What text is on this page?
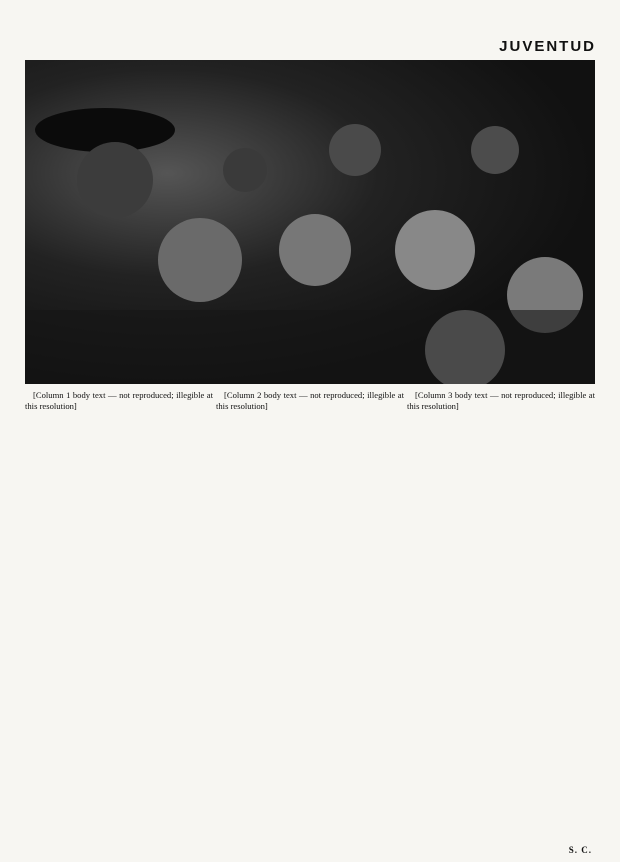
JUVENTUD

[Column 1 body text — not reproduced; illegible at this resolution]

[Column 2 body text — not reproduced; illegible at this resolution]

[Column 3 body text — not reproduced; illegible at this resolution]

S. C.
